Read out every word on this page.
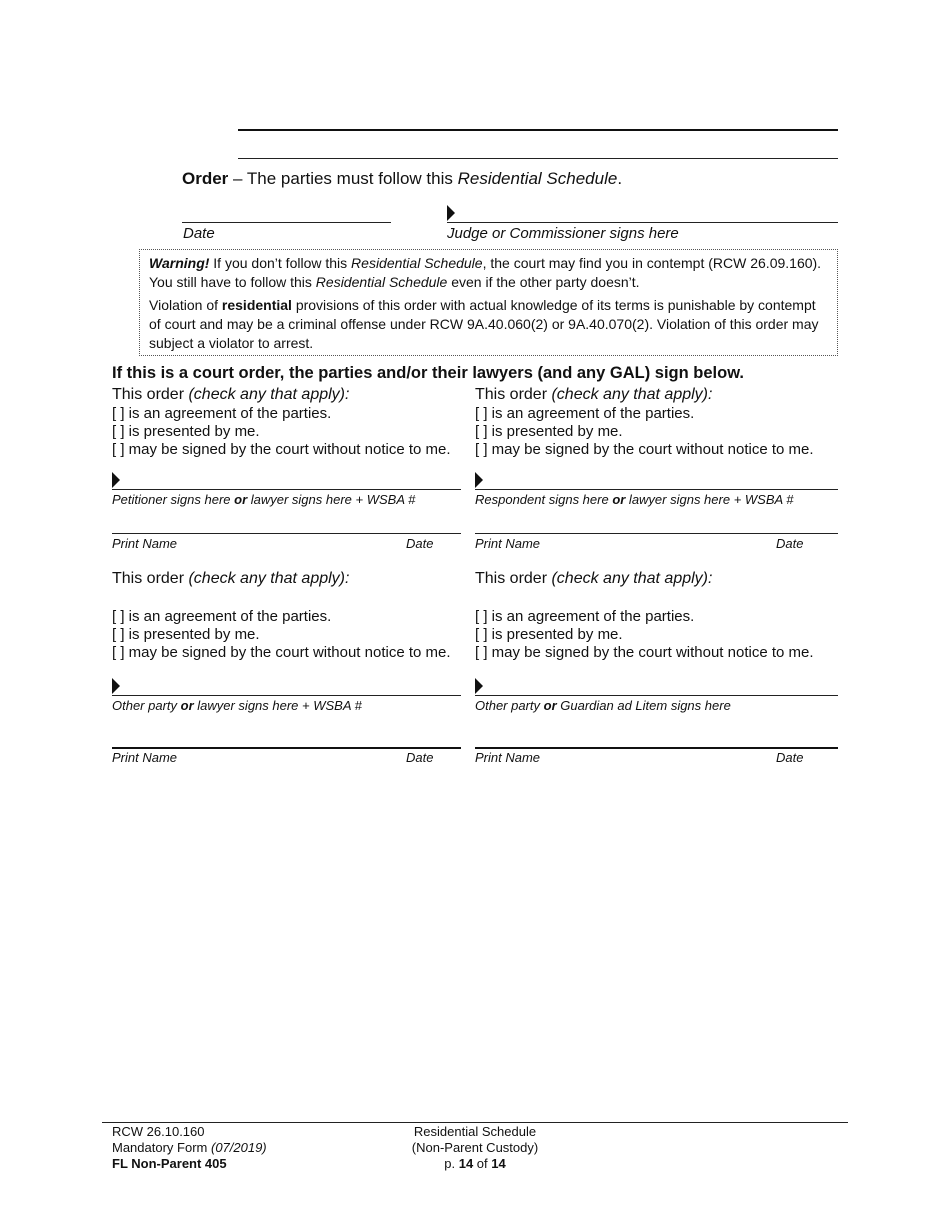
Order – The parties must follow this Residential Schedule.
Date	Judge or Commissioner signs here

Warning! If you don’t follow this Residential Schedule, the court may find you in contempt (RCW 26.09.160). You still have to follow this Residential Schedule even if the other party doesn’t.

Violation of residential provisions of this order with actual knowledge of its terms is punishable by contempt of court and may be a criminal offense under RCW 9A.40.060(2) or 9A.40.070(2). Violation of this order may subject a violator to arrest.

If this is a court order, the parties and/or their lawyers (and any GAL) sign below.
This order (check any that apply):
[ ] is an agreement of the parties.
[ ] is presented by me.
[ ] may be signed by the court without notice to me.
Petitioner signs here or lawyer signs here + WSBA #
Print Name	Date
This order (check any that apply):
[ ] is an agreement of the parties.
[ ] is presented by me.
[ ] may be signed by the court without notice to me.
Respondent signs here or lawyer signs here + WSBA #
Print Name	Date
This order (check any that apply):
[ ] is an agreement of the parties.
[ ] is presented by me.
[ ] may be signed by the court without notice to me.
Other party or lawyer signs here + WSBA #
Print Name	Date
This order (check any that apply):
[ ] is an agreement of the parties.
[ ] is presented by me.
[ ] may be signed by the court without notice to me.
Other party or Guardian ad Litem signs here
Print Name	Date
RCW 26.10.160
Mandatory Form (07/2019)
FL Non-Parent 405
Residential Schedule
(Non-Parent Custody)
p. 14 of 14
